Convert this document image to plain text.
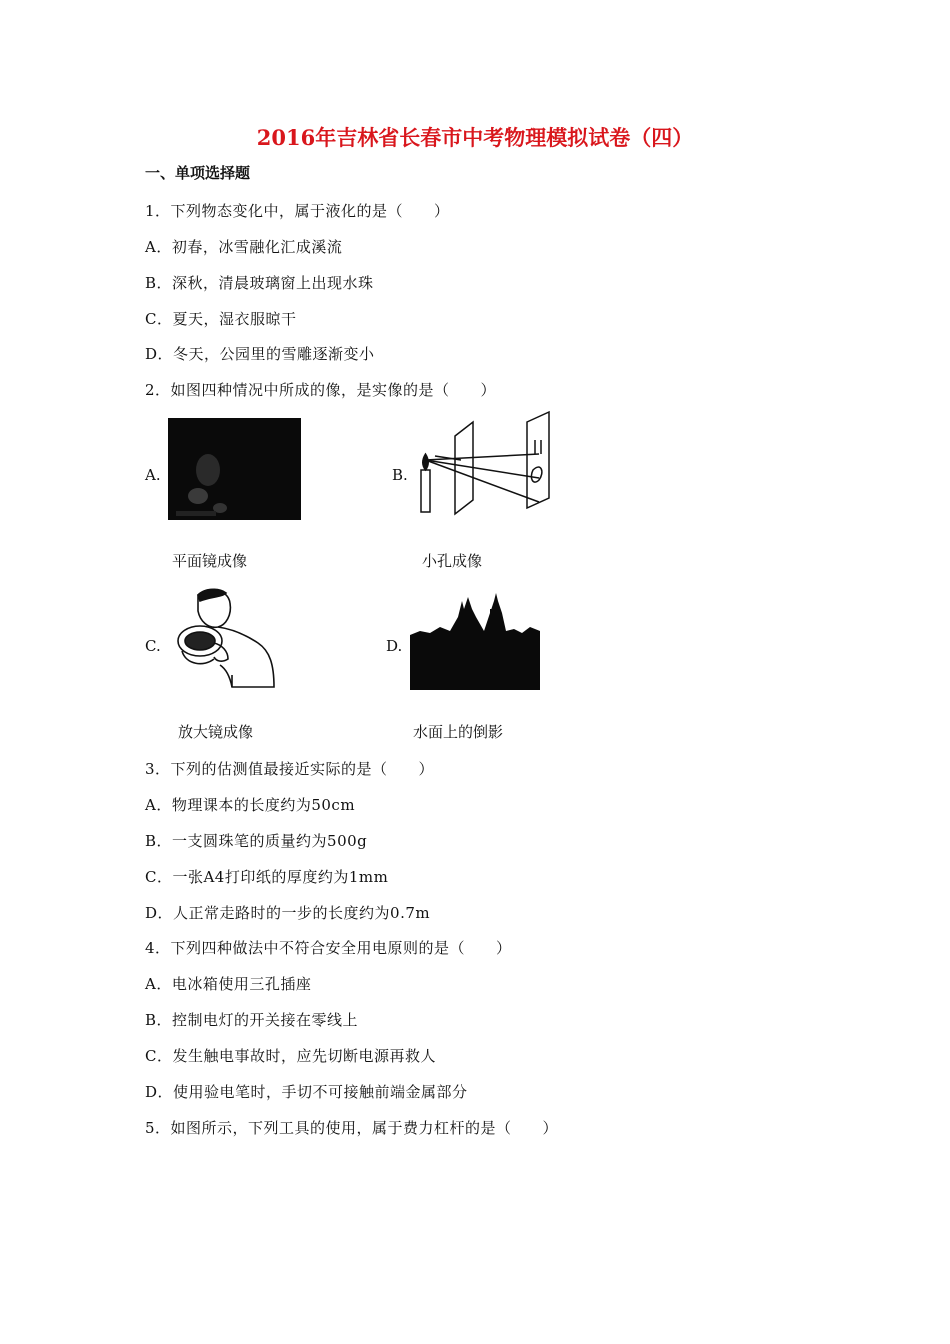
2016年吉林省长春市中考物理模拟试卷（四）
一、单项选择题
1．下列物态变化中，属于液化的是（　　）
A．初春，冰雪融化汇成溪流
B．深秋，清晨玻璃窗上出现水珠
C．夏天，湿衣服晾干
D．冬天，公园里的雪雕逐渐变小
2．如图四种情况中所成的像，是实像的是（　　）
A.	B.
平面镜成像	小孔成像
C.	D.
放大镜成像	水面上的倒影
3．下列的估测值最接近实际的是（　　）
A．物理课本的长度约为50cm
B．一支圆珠笔的质量约为500g
C．一张A4打印纸的厚度约为1mm
D．人正常走路时的一步的长度约为0.7m
4．下列四种做法中不符合安全用电原则的是（　　）
A．电冰箱使用三孔插座
B．控制电灯的开关接在零线上
C．发生触电事故时，应先切断电源再救人
D．使用验电笔时，手切不可接触前端金属部分
5．如图所示，下列工具的使用，属于费力杠杆的是（　　）
